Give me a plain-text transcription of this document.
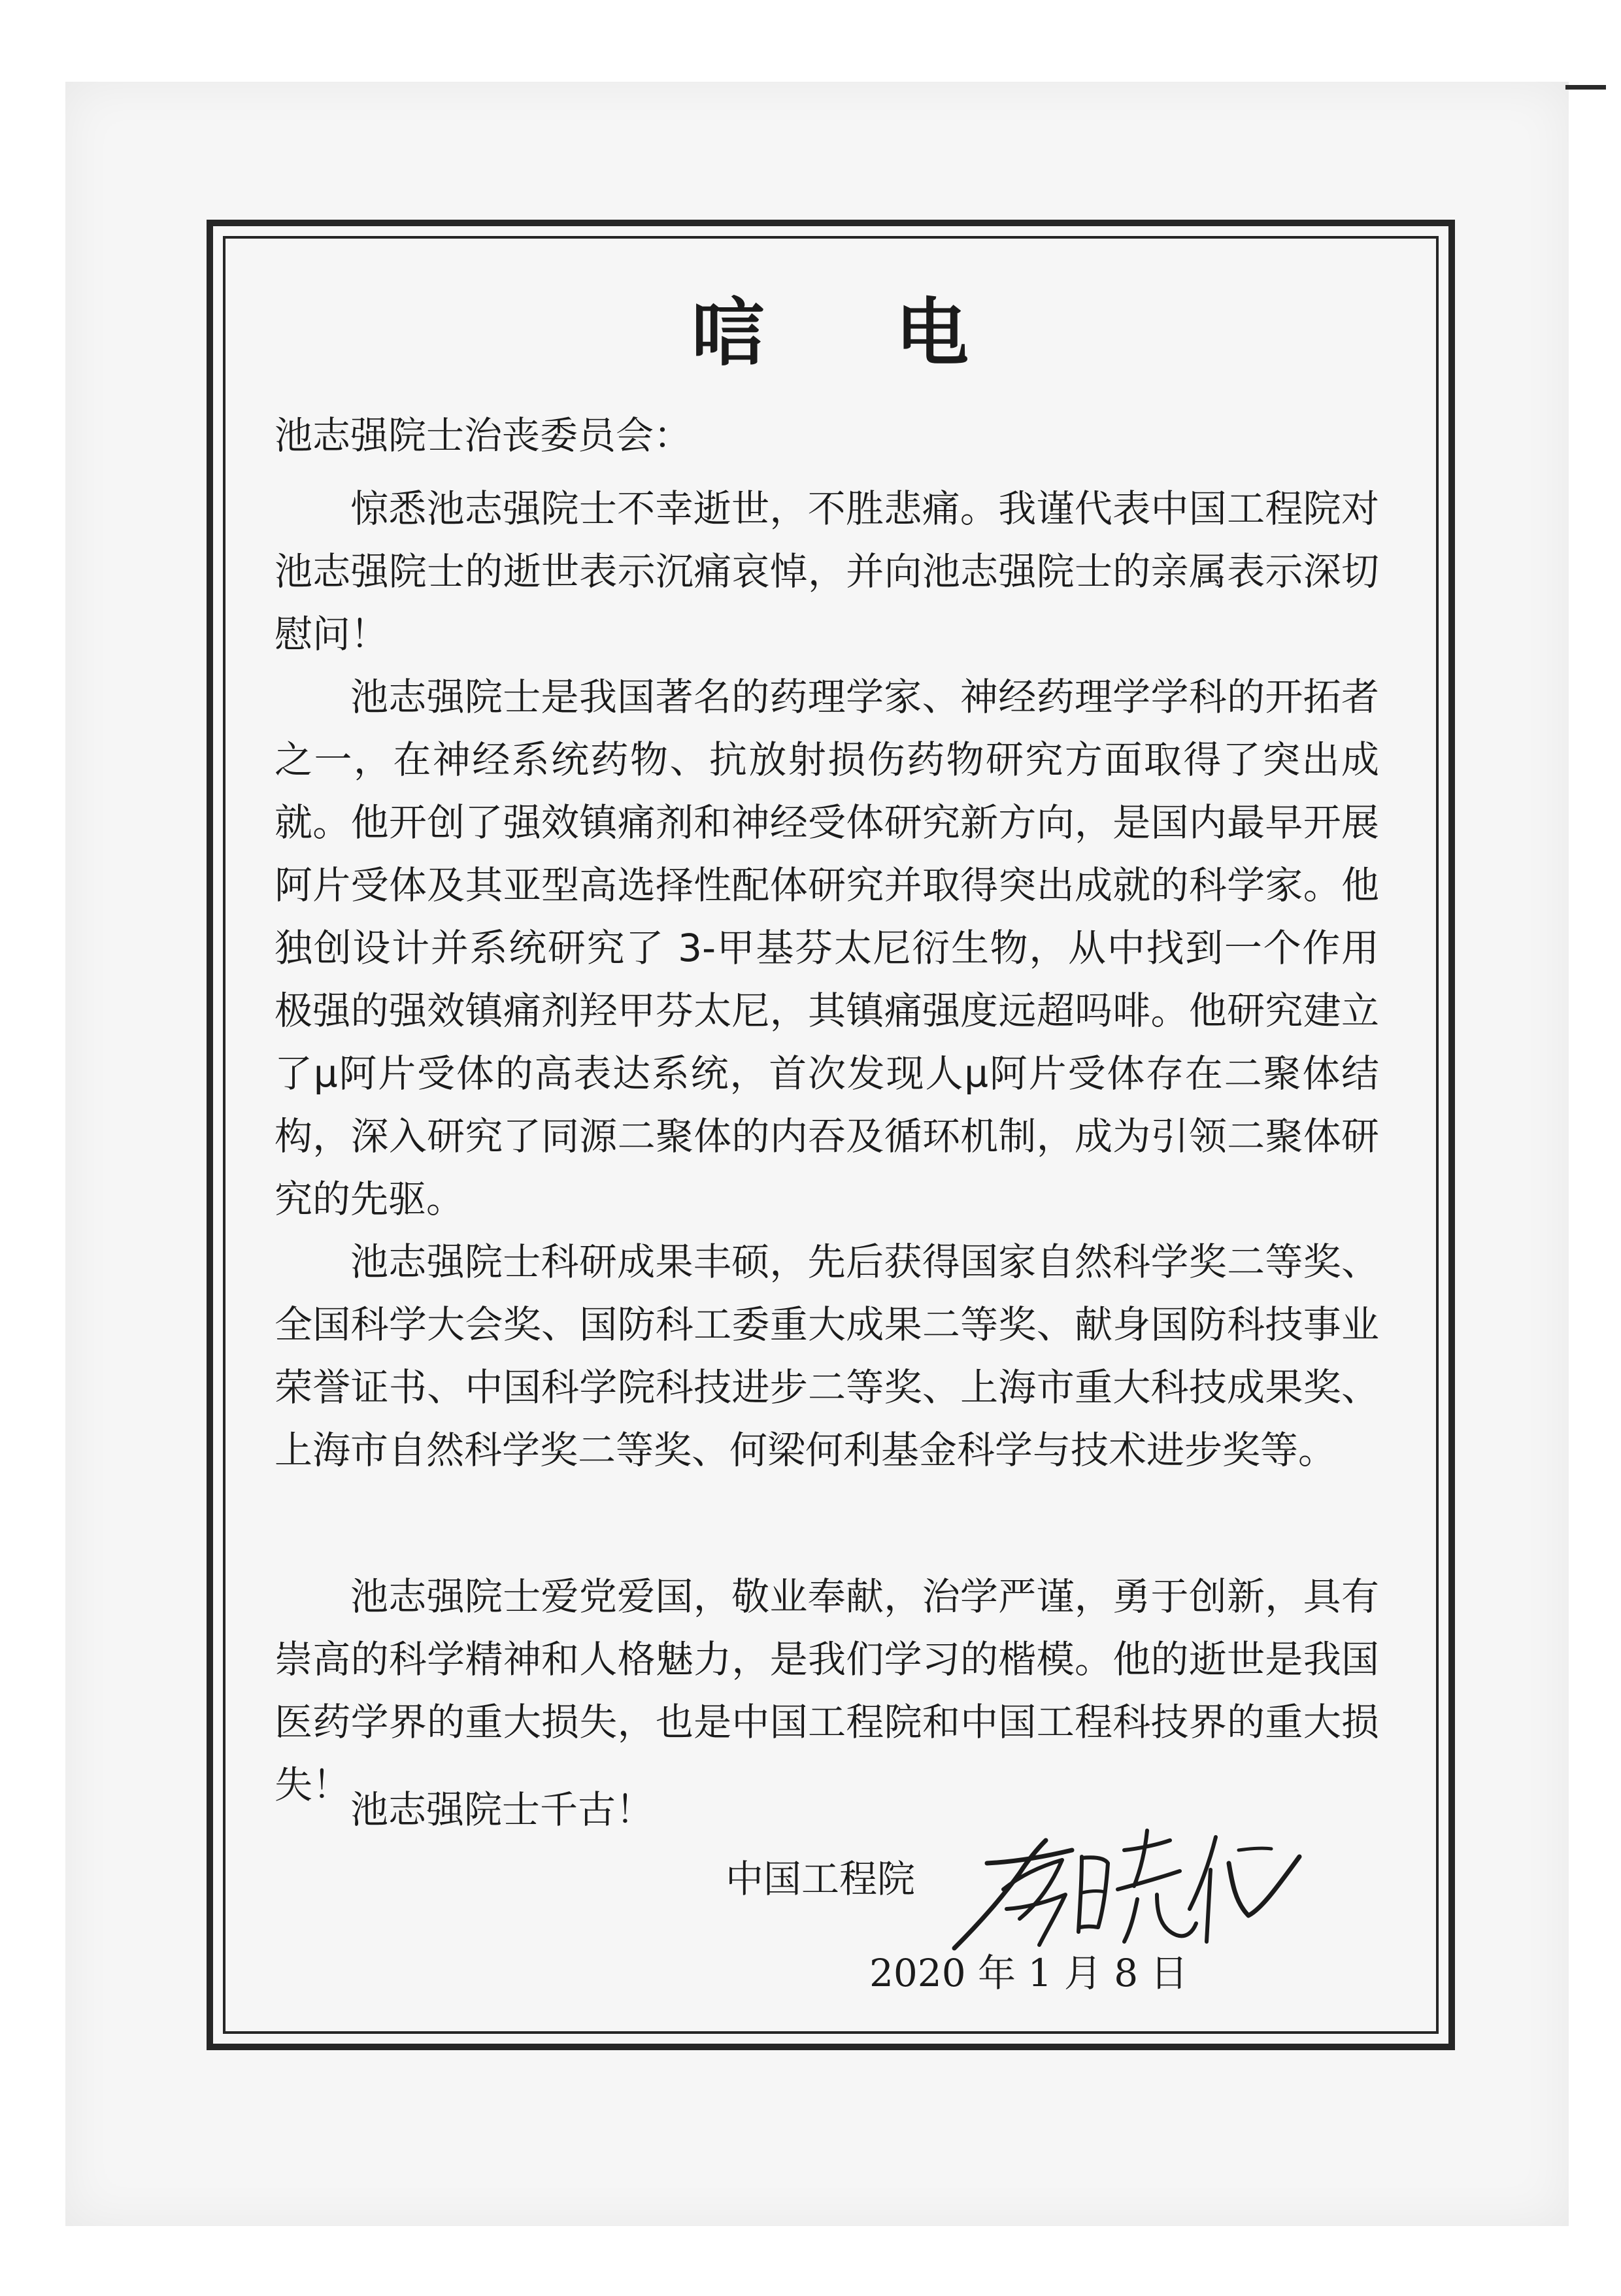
唁电

池志强院士治丧委员会：

惊悉池志强院士不幸逝世，不胜悲痛。我谨代表中国工程院对池志强院士的逝世表示沉痛哀悼，并向池志强院士的亲属表示深切慰问！

池志强院士是我国著名的药理学家、神经药理学学科的开拓者之一，在神经系统药物、抗放射损伤药物研究方面取得了突出成就。他开创了强效镇痛剂和神经受体研究新方向，是国内最早开展阿片受体及其亚型高选择性配体研究并取得突出成就的科学家。他独创设计并系统研究了 3-甲基芬太尼衍生物，从中找到一个作用极强的强效镇痛剂羟甲芬太尼，其镇痛强度远超吗啡。他研究建立了μ阿片受体的高表达系统，首次发现人μ阿片受体存在二聚体结构，深入研究了同源二聚体的内吞及循环机制，成为引领二聚体研究的先驱。

池志强院士科研成果丰硕，先后获得国家自然科学奖二等奖、全国科学大会奖、国防科工委重大成果二等奖、献身国防科技事业荣誉证书、中国科学院科技进步二等奖、上海市重大科技成果奖、上海市自然科学奖二等奖、何梁何利基金科学与技术进步奖等。

池志强院士爱党爱国，敬业奉献，治学严谨，勇于创新，具有崇高的科学精神和人格魅力，是我们学习的楷模。他的逝世是我国医药学界的重大损失，也是中国工程院和中国工程科技界的重大损失！

池志强院士千古！

中国工程院

2020 年 1 月 8 日
